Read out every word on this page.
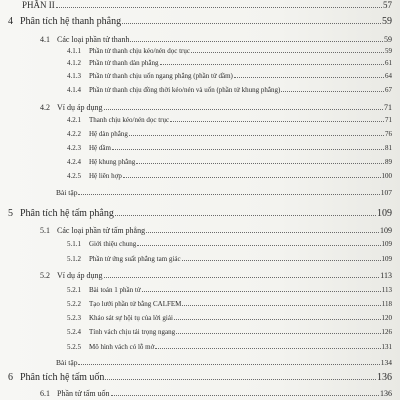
PHẦN II	57
4 Phân tích hệ thanh phẳng	59
4.1 Các loại phần tử thanh	59
4.1.1	Phần tử thanh chịu kéo/nén dọc trục	59
4.1.2	Phần tử thanh dàn phẳng	61
4.1.3	Phần tử thanh chịu uốn ngang phẳng (phần tử dầm)	64
4.1.4	Phần tử thanh chịu đồng thời kéo/nén và uốn (phần tử khung phẳng)	67
4.2 Ví dụ áp dụng	71
4.2.1	Thanh chịu kéo/nén dọc trục	71
4.2.2	Hệ dàn phẳng	76
4.2.3	Hệ dầm	81
4.2.4	Hệ khung phẳng	89
4.2.5	Hệ liên hợp	100
Bài tập	107
5 Phân tích hệ tấm phẳng	109
5.1 Các loại phần tử tấm phẳng	109
5.1.1	Giới thiệu chung	109
5.1.2	Phần tử ứng suất phẳng tam giác	109
5.2 Ví dụ áp dụng	113
5.2.1	Bài toán 1 phần tử	113
5.2.2	Tạo lưới phần tử bằng CALFEM	118
5.2.3	Khảo sát sự hội tụ của lời giải	120
5.2.4	Tính vách chịu tải trọng ngang	126
5.2.5	Mô hình vách có lỗ mở	131
Bài tập	134
6 Phân tích hệ tấm uốn	136
6.1 Phần tử tấm uốn	136
